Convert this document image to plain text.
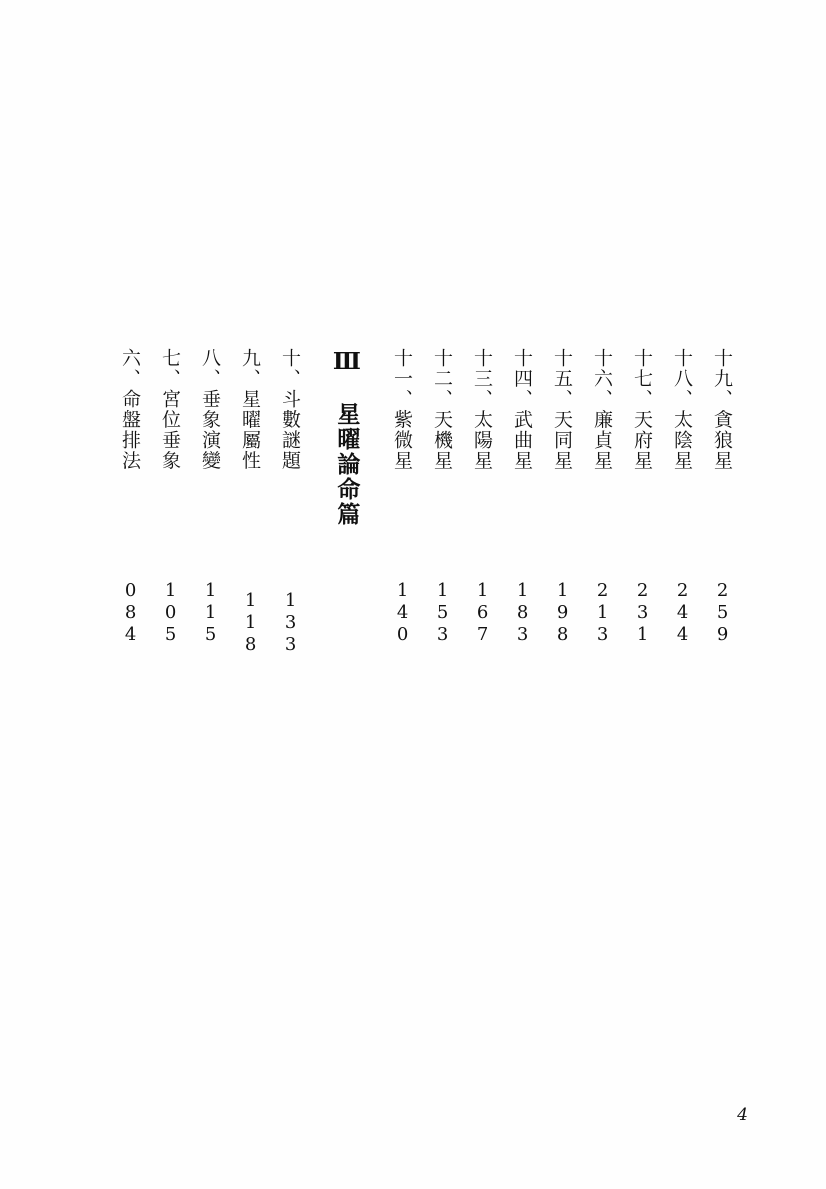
六、命盤排法
084
七、宮位垂象
105
八、垂象演變
115
九、星曜屬性
118
十、斗數謎題
133
Ⅲ　星曜論命篇 十一、紫微星
140
十二、天機星
153
十三、太陽星
167
十四、武曲星
183
十五、天同星
198
十六、廉貞星
213
十七、天府星
231
十八、太陰星
244
十九、貪狼星
259
4
